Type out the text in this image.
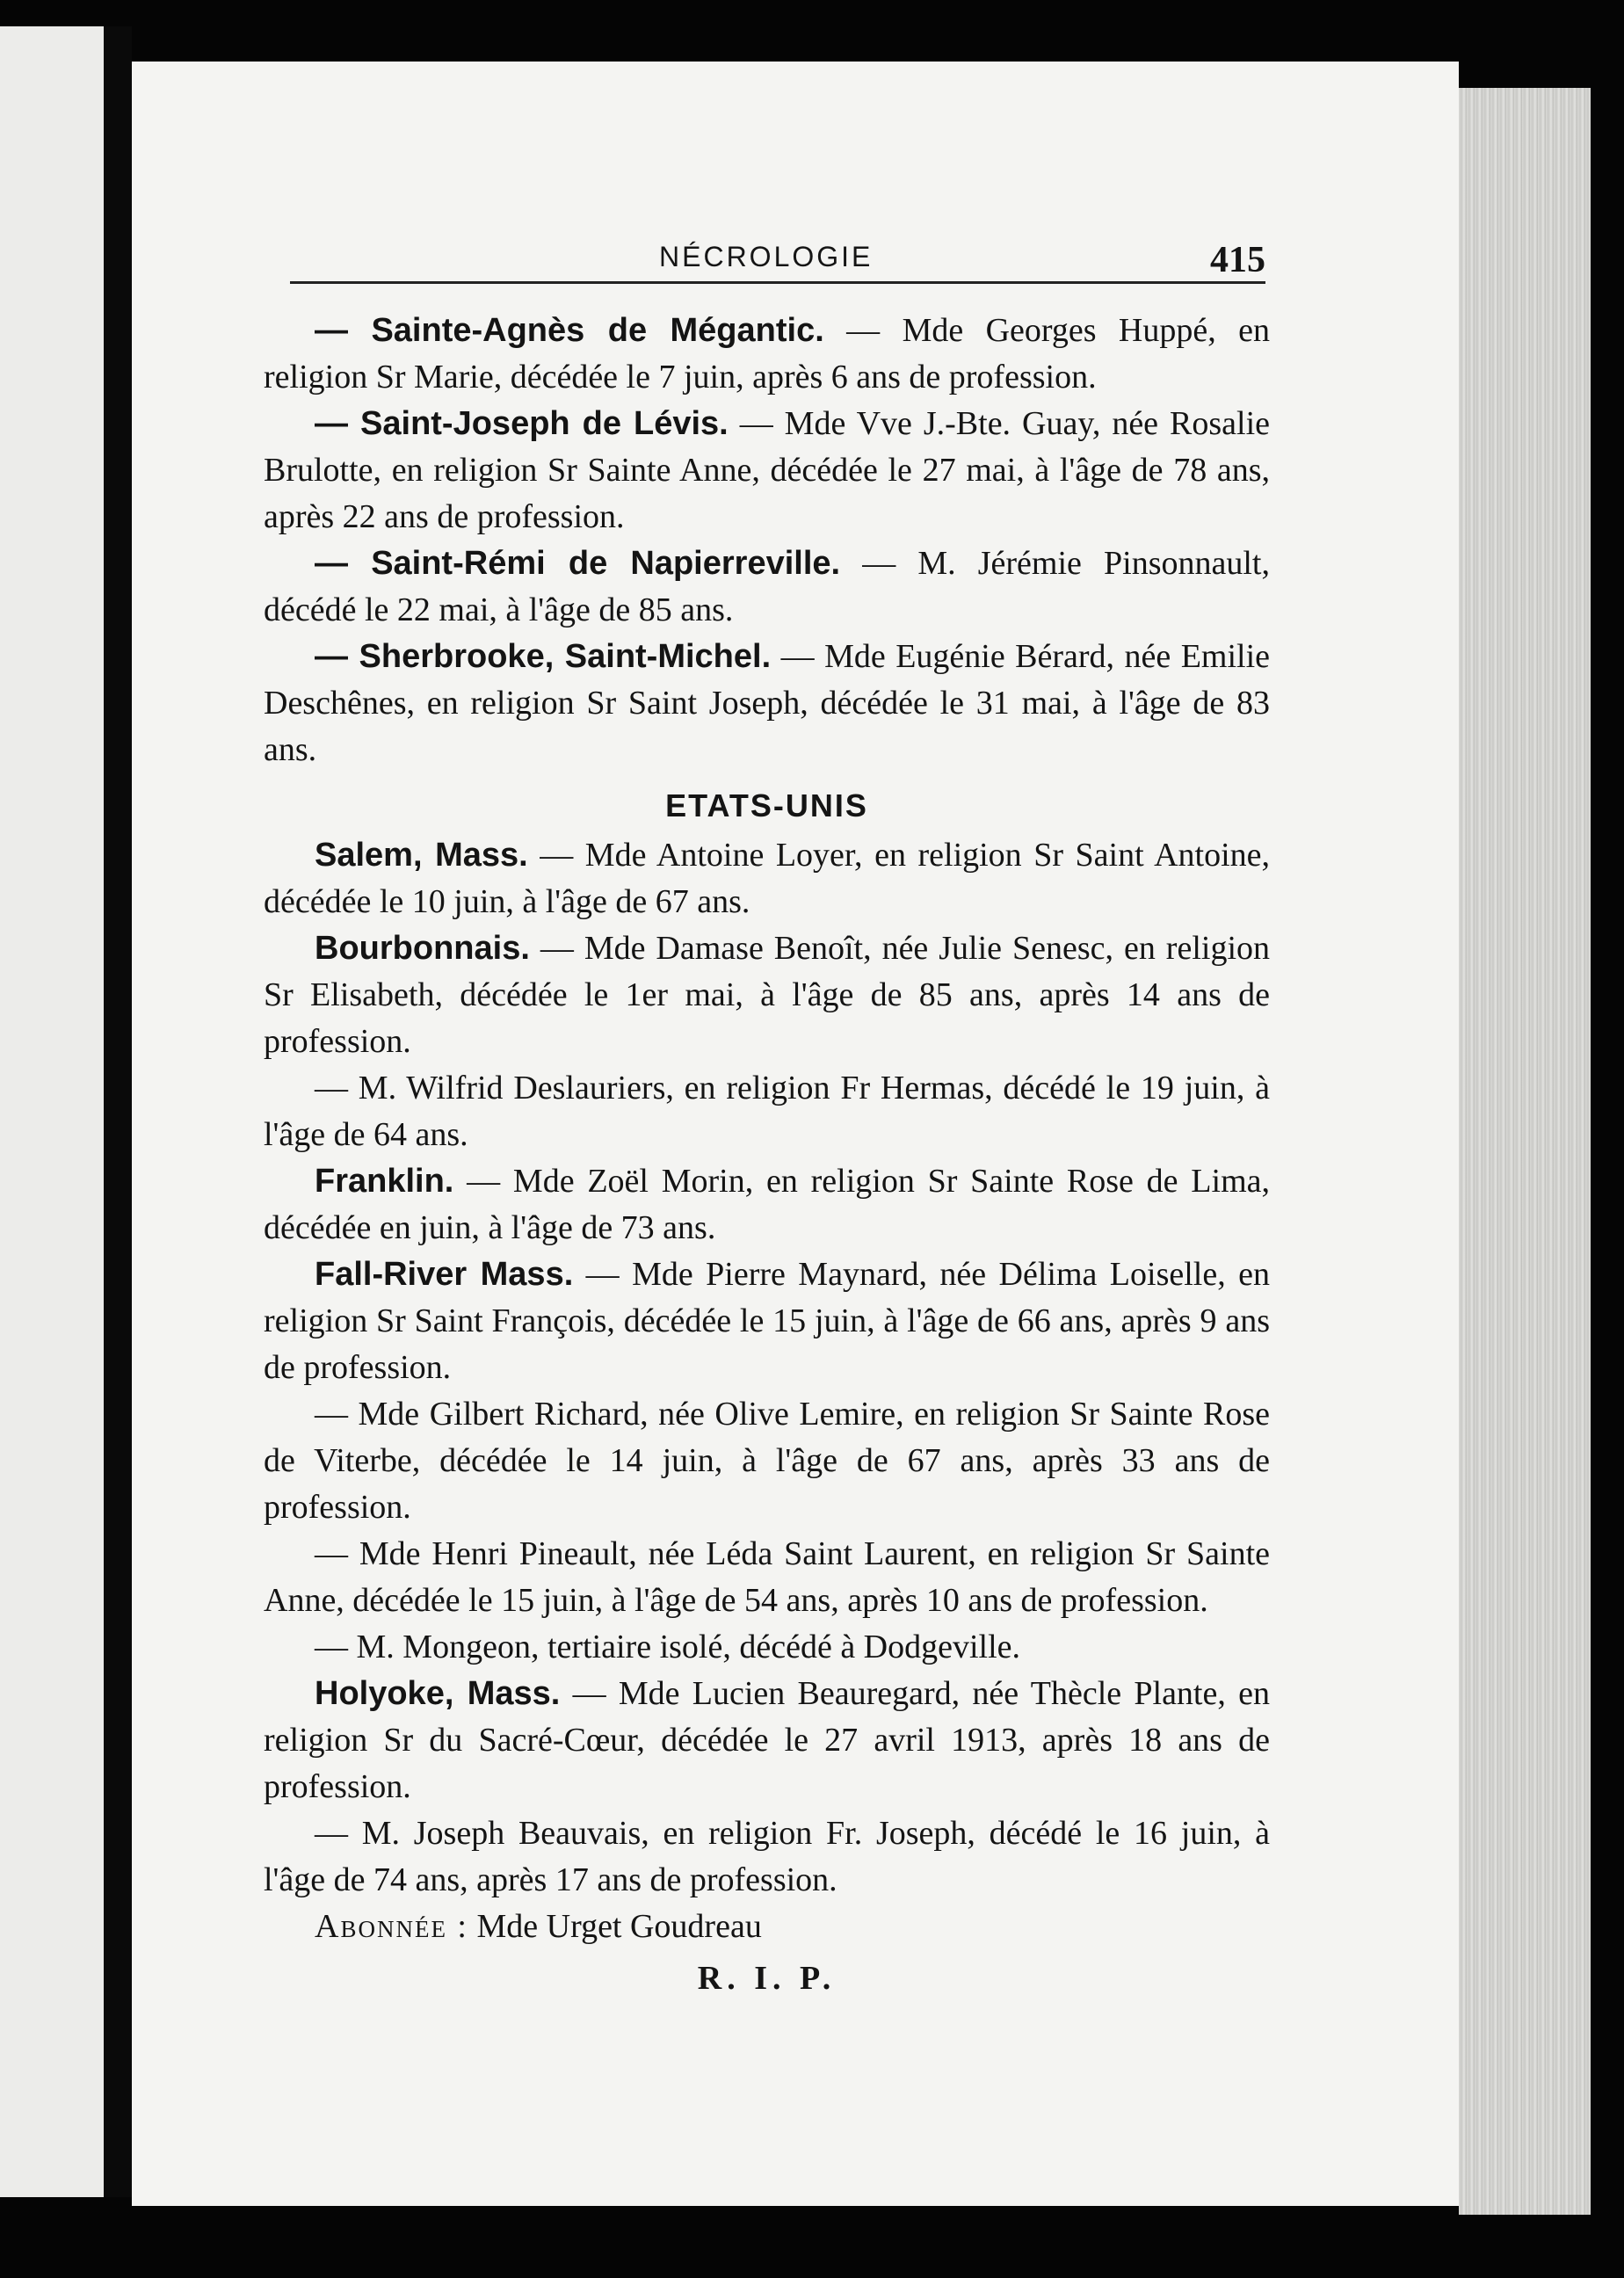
NÉCROLOGIE	415

— Sainte-Agnès de Mégantic. — Mde Georges Huppé, en religion Sr Marie, décédée le 7 juin, après 6 ans de profession.

— Saint-Joseph de Lévis. — Mde Vve J.-Bte. Guay, née Rosalie Brulotte, en religion Sr Sainte Anne, décédée le 27 mai, à l'âge de 78 ans, après 22 ans de profession.

— Saint-Rémi de Napierreville. — M. Jérémie Pinsonnault, décédé le 22 mai, à l'âge de 85 ans.

— Sherbrooke, Saint-Michel. — Mde Eugénie Bérard, née Emilie Deschênes, en religion Sr Saint Joseph, décédée le 31 mai, à l'âge de 83 ans.

ETATS-UNIS

Salem, Mass. — Mde Antoine Loyer, en religion Sr Saint Antoine, décédée le 10 juin, à l'âge de 67 ans.

Bourbonnais. — Mde Damase Benoît, née Julie Senesc, en religion Sr Elisabeth, décédée le 1er mai, à l'âge de 85 ans, après 14 ans de profession.

— M. Wilfrid Deslauriers, en religion Fr Hermas, décédé le 19 juin, à l'âge de 64 ans.

Franklin. — Mde Zoël Morin, en religion Sr Sainte Rose de Lima, décédée en juin, à l'âge de 73 ans.

Fall-River Mass. — Mde Pierre Maynard, née Délima Loiselle, en religion Sr Saint François, décédée le 15 juin, à l'âge de 66 ans, après 9 ans de profession.

— Mde Gilbert Richard, née Olive Lemire, en religion Sr Sainte Rose de Viterbe, décédée le 14 juin, à l'âge de 67 ans, après 33 ans de profession.

— Mde Henri Pineault, née Léda Saint Laurent, en religion Sr Sainte Anne, décédée le 15 juin, à l'âge de 54 ans, après 10 ans de profession.

— M. Mongeon, tertiaire isolé, décédé à Dodgeville.

Holyoke, Mass. — Mde Lucien Beauregard, née Thècle Plante, en religion Sr du Sacré-Cœur, décédée le 27 avril 1913, après 18 ans de profession.

— M. Joseph Beauvais, en religion Fr. Joseph, décédé le 16 juin, à l'âge de 74 ans, après 17 ans de profession.

Abonnée : Mde Urget Goudreau

R. I. P.
